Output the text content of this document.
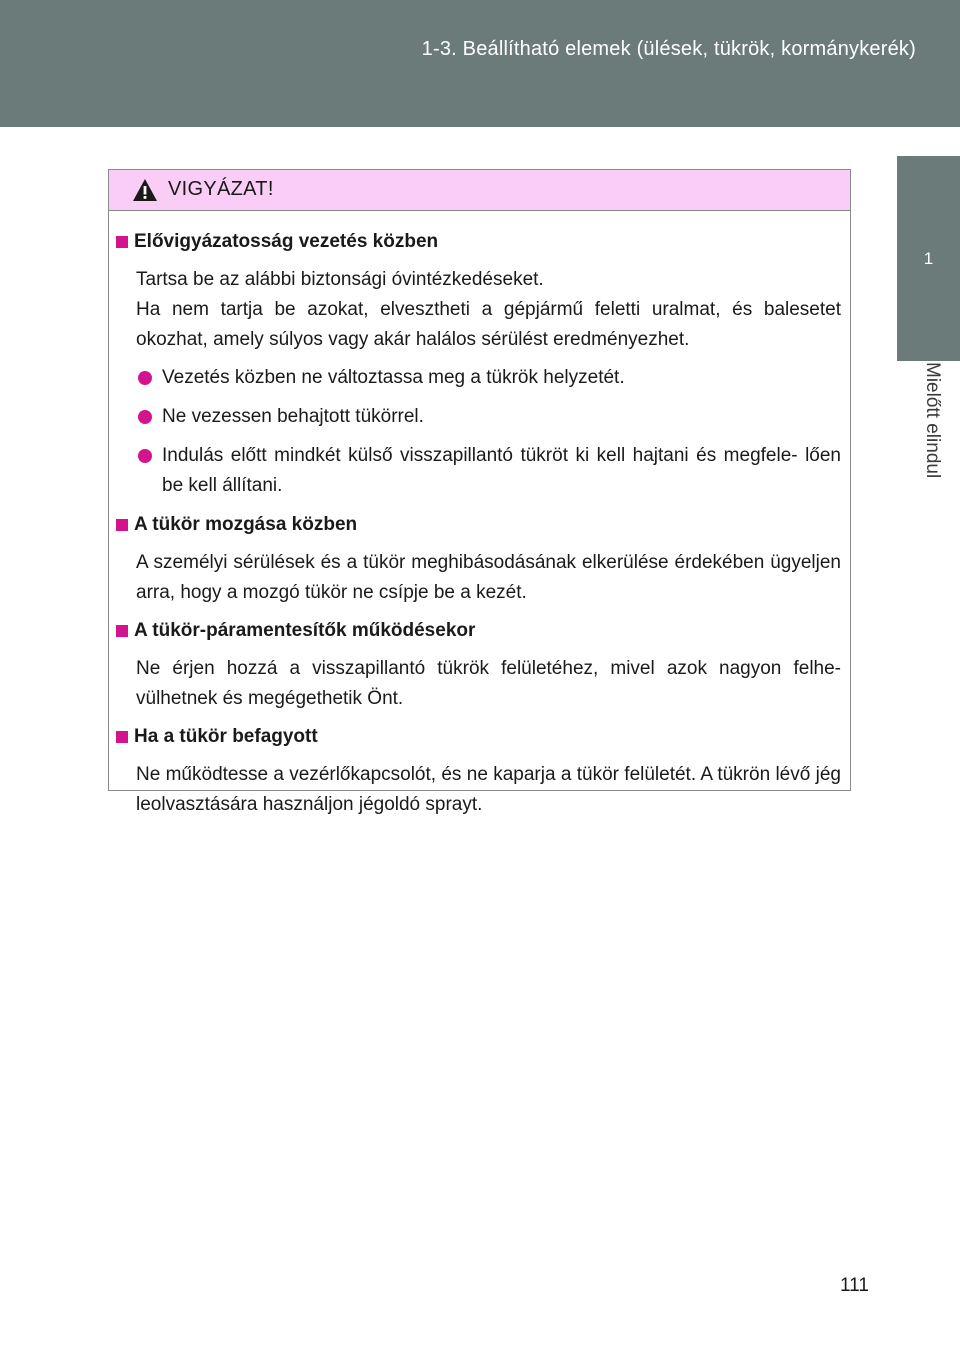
1-3. Beállítható elemek (ülések, tükrök, kormánykerék)
1
Mielőtt elindul
VIGYÁZAT!
Elővigyázatosság vezetés közben
Tartsa be az alábbi biztonsági óvintézkedéseket.
Ha nem tartja be azokat, elvesztheti a gépjármű feletti uralmat, és balesetet okozhat, amely súlyos vagy akár halálos sérülést eredményezhet.
Vezetés közben ne változtassa meg a tükrök helyzetét.
Ne vezessen behajtott tükörrel.
Indulás előtt mindkét külső visszapillantó tükröt ki kell hajtani és megfele- lően be kell állítani.
A tükör mozgása közben
A személyi sérülések és a tükör meghibásodásának elkerülése érdekében ügyeljen arra, hogy a mozgó tükör ne csípje be a kezét.
A tükör-páramentesítők működésekor
Ne érjen hozzá a visszapillantó tükrök felületéhez, mivel azok nagyon felhe- vülhetnek és megégethetik Önt.
Ha a tükör befagyott
Ne működtesse a vezérlőkapcsolót, és ne kaparja a tükör felületét. A tükrön lévő jég leolvasztására használjon jégoldó sprayt.
111
